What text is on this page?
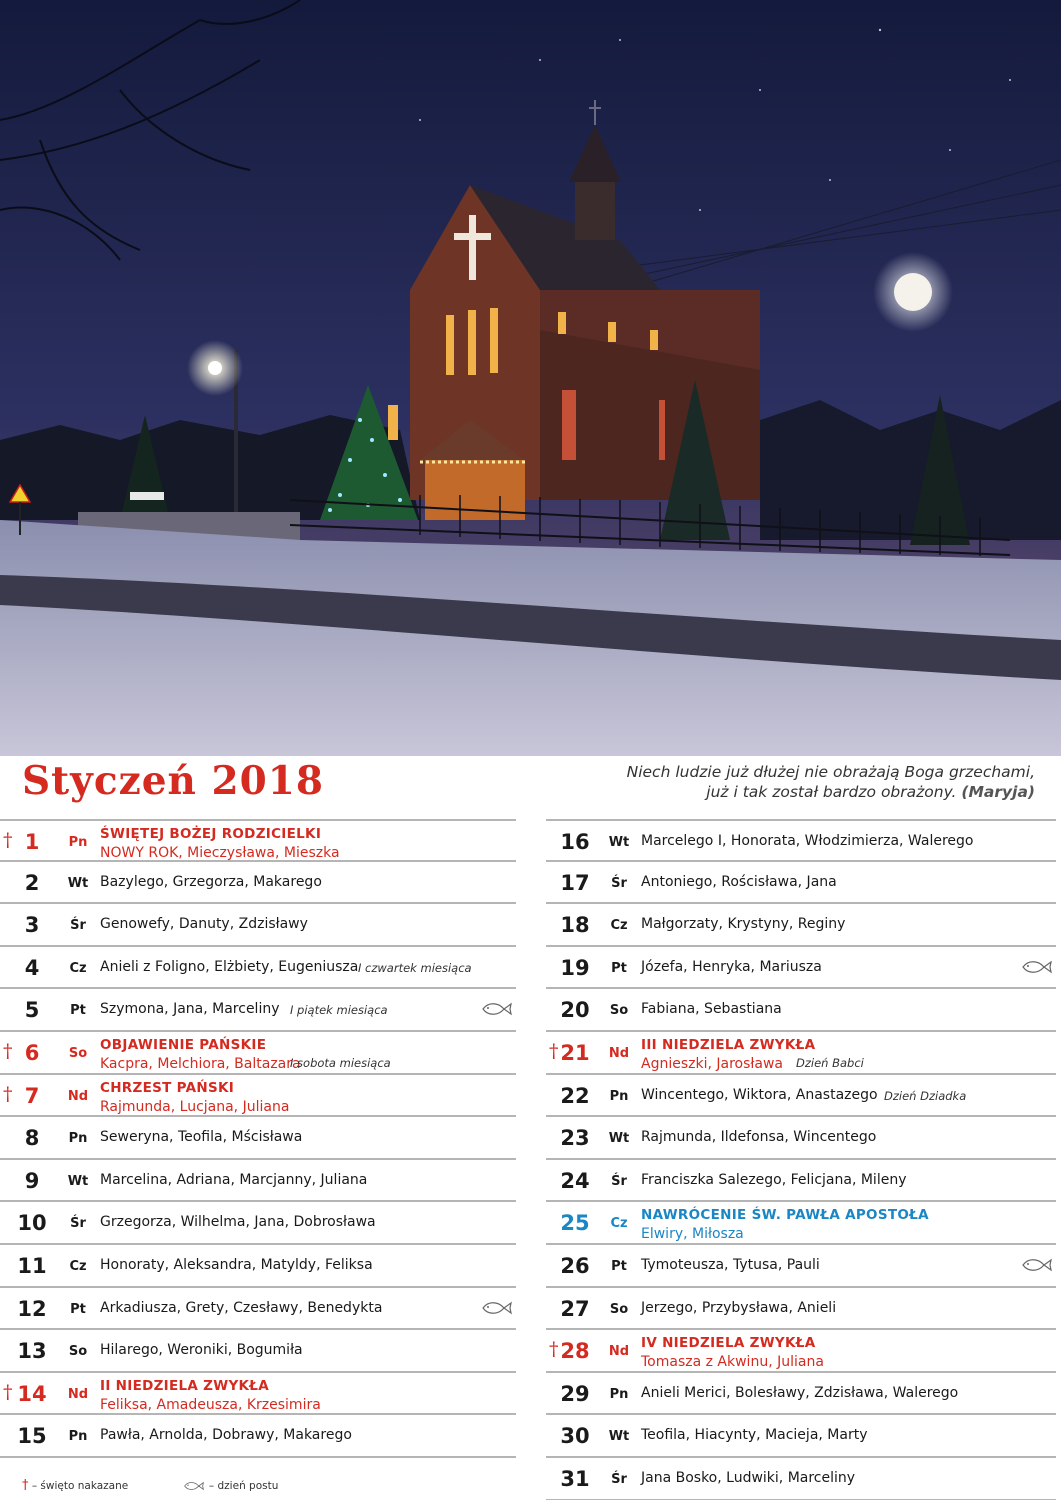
Styczeń 2018	Niech ludzie już dłużej nie obrażają Boga grzechami,
już i tak został bardzo obrażony. (Maryja)
† 1	Pn
ŚWIĘTEJ BOŻEJ RODZICIELKI
NOWY ROK, Mieczysława, Mieszka
2	Wt Bazylego, Grzegorza, Makarego
3	Śr	Genowefy, Danuty, Zdzisławy
4	Cz Anieli z Foligno, Elżbiety, Eugeniusza I czwartek miesiąca
5	Pt	Szymona, Jana, Marceliny I piątek miesiąca
† 6	So
OBJAWIENIE PAŃSKIE
Kacpra, Melchiora, Baltazara
I sobota miesiąca
† 7	Nd
CHRZEST PAŃSKI
Rajmunda, Lucjana, Juliana
8	Pn Seweryna, Teofila, Mścisława
9	Wt Marcelina, Adriana, Marcjanny, Juliana
10	Śr	Grzegorza, Wilhelma, Jana, Dobrosława
11	Cz Honoraty, Aleksandra, Matyldy, Feliksa
12	Pt	Arkadiusza, Grety, Czesławy, Benedykta
13	So Hilarego, Weroniki, Bogumiła
† 14	Nd
II NIEDZIELA ZWYKŁA
Feliksa, Amadeusza, Krzesimira
15	Pn Pawła, Arnolda, Dobrawy, Makarego
16	Wt Marcelego I, Honorata, Włodzimierza, Walerego
17	Śr	Antoniego, Rościsława, Jana
18	Cz Małgorzaty, Krystyny, Reginy
19	Pt	Józefa, Henryka, Mariusza
20	So Fabiana, Sebastiana
† 21	Nd
III NIEDZIELA ZWYKŁA
Agnieszki, Jarosława	Dzień Babci
22	Pn Wincentego, Wiktora, Anastazego Dzień Dziadka
23	Wt Rajmunda, Ildefonsa, Wincentego
24	Śr	Franciszka Salezego, Felicjana, Mileny
25	Cz
NAWRÓCENIE ŚW. PAWŁA APOSTOŁA
Elwiry, Miłosza
26	Pt	Tymoteusza, Tytusa, Pauli
27	So Jerzego, Przybysława, Anieli
† 28	Nd
IV NIEDZIELA ZWYKŁA
Tomasza z Akwinu, Juliana
29	Pn Anieli Merici, Bolesławy, Zdzisława, Walerego
30	Wt Teofila, Hiacynty, Macieja, Marty
31	Śr	Jana Bosko, Ludwiki, Marceliny
† – święto nakazane	– dzień postu
